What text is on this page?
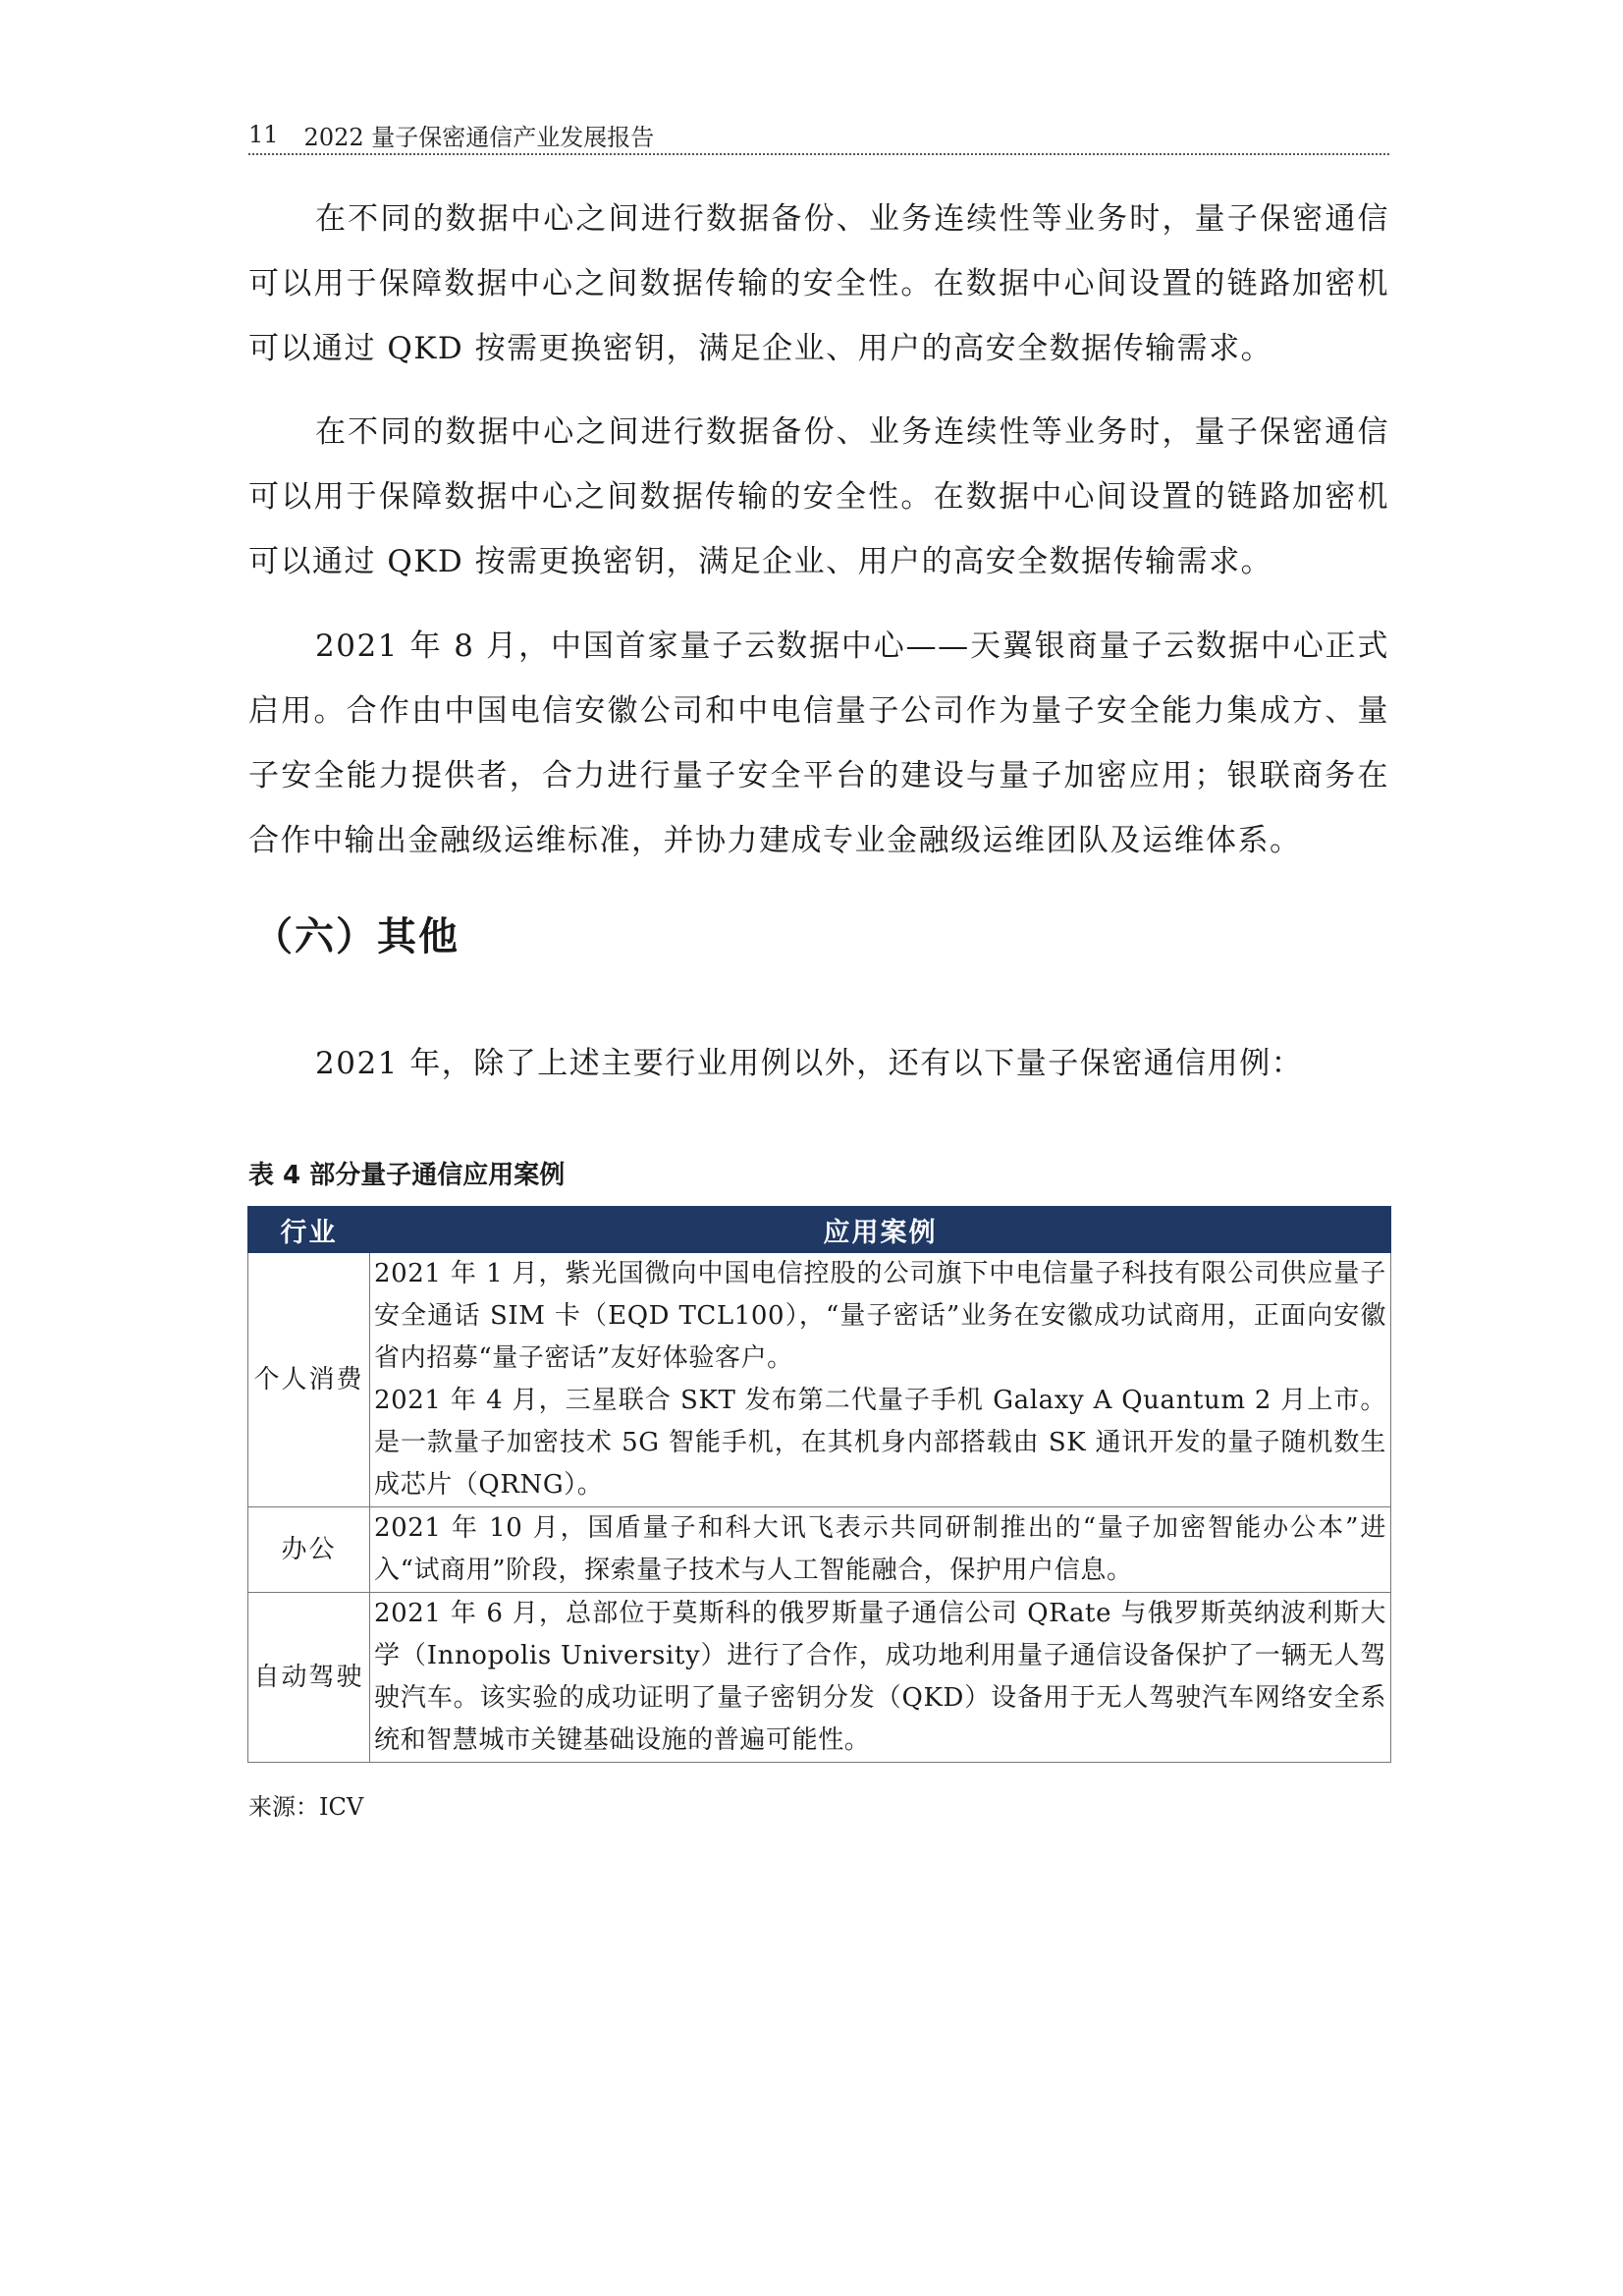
11 2022 量子保密通信产业发展报告

在不同的数据中心之间进行数据备份、业务连续性等业务时，量子保密通信可以用于保障数据中心之间数据传输的安全性。在数据中心间设置的链路加密机可以通过 QKD 按需更换密钥，满足企业、用户的高安全数据传输需求。

在不同的数据中心之间进行数据备份、业务连续性等业务时，量子保密通信可以用于保障数据中心之间数据传输的安全性。在数据中心间设置的链路加密机可以通过 QKD 按需更换密钥，满足企业、用户的高安全数据传输需求。

2021 年 8 月，中国首家量子云数据中心——天翼银商量子云数据中心正式启用。合作由中国电信安徽公司和中电信量子公司作为量子安全能力集成方、量子安全能力提供者，合力进行量子安全平台的建设与量子加密应用；银联商务在合作中输出金融级运维标准，并协力建成专业金融级运维团队及运维体系。

（六）其他

2021 年，除了上述主要行业用例以外，还有以下量子保密通信用例：

表 4 部分量子通信应用案例

行业	应用案例
个人消费	2021 年 1 月，紫光国微向中国电信控股的公司旗下中电信量子科技有限公司供应量子安全通话 SIM 卡（EQD TCL100），“量子密话”业务在安徽成功试商用，正面向安徽省内招募“量子密话”友好体验客户。
2021 年 4 月，三星联合 SKT 发布第二代量子手机 Galaxy A Quantum 2 月上市。是一款量子加密技术 5G 智能手机，在其机身内部搭载由 SK 通讯开发的量子随机数生成芯片（QRNG）。

办公	2021 年 10 月，国盾量子和科大讯飞表示共同研制推出的“量子加密智能办公本”进入“试商用”阶段，探索量子技术与人工智能融合，保护用户信息。

自动驾驶	2021 年 6 月，总部位于莫斯科的俄罗斯量子通信公司 QRate 与俄罗斯英纳波利斯大学（Innopolis University）进行了合作，成功地利用量子通信设备保护了一辆无人驾驶汽车。该实验的成功证明了量子密钥分发（QKD）设备用于无人驾驶汽车网络安全系统和智慧城市关键基础设施的普遍可能性。

来源：ICV
